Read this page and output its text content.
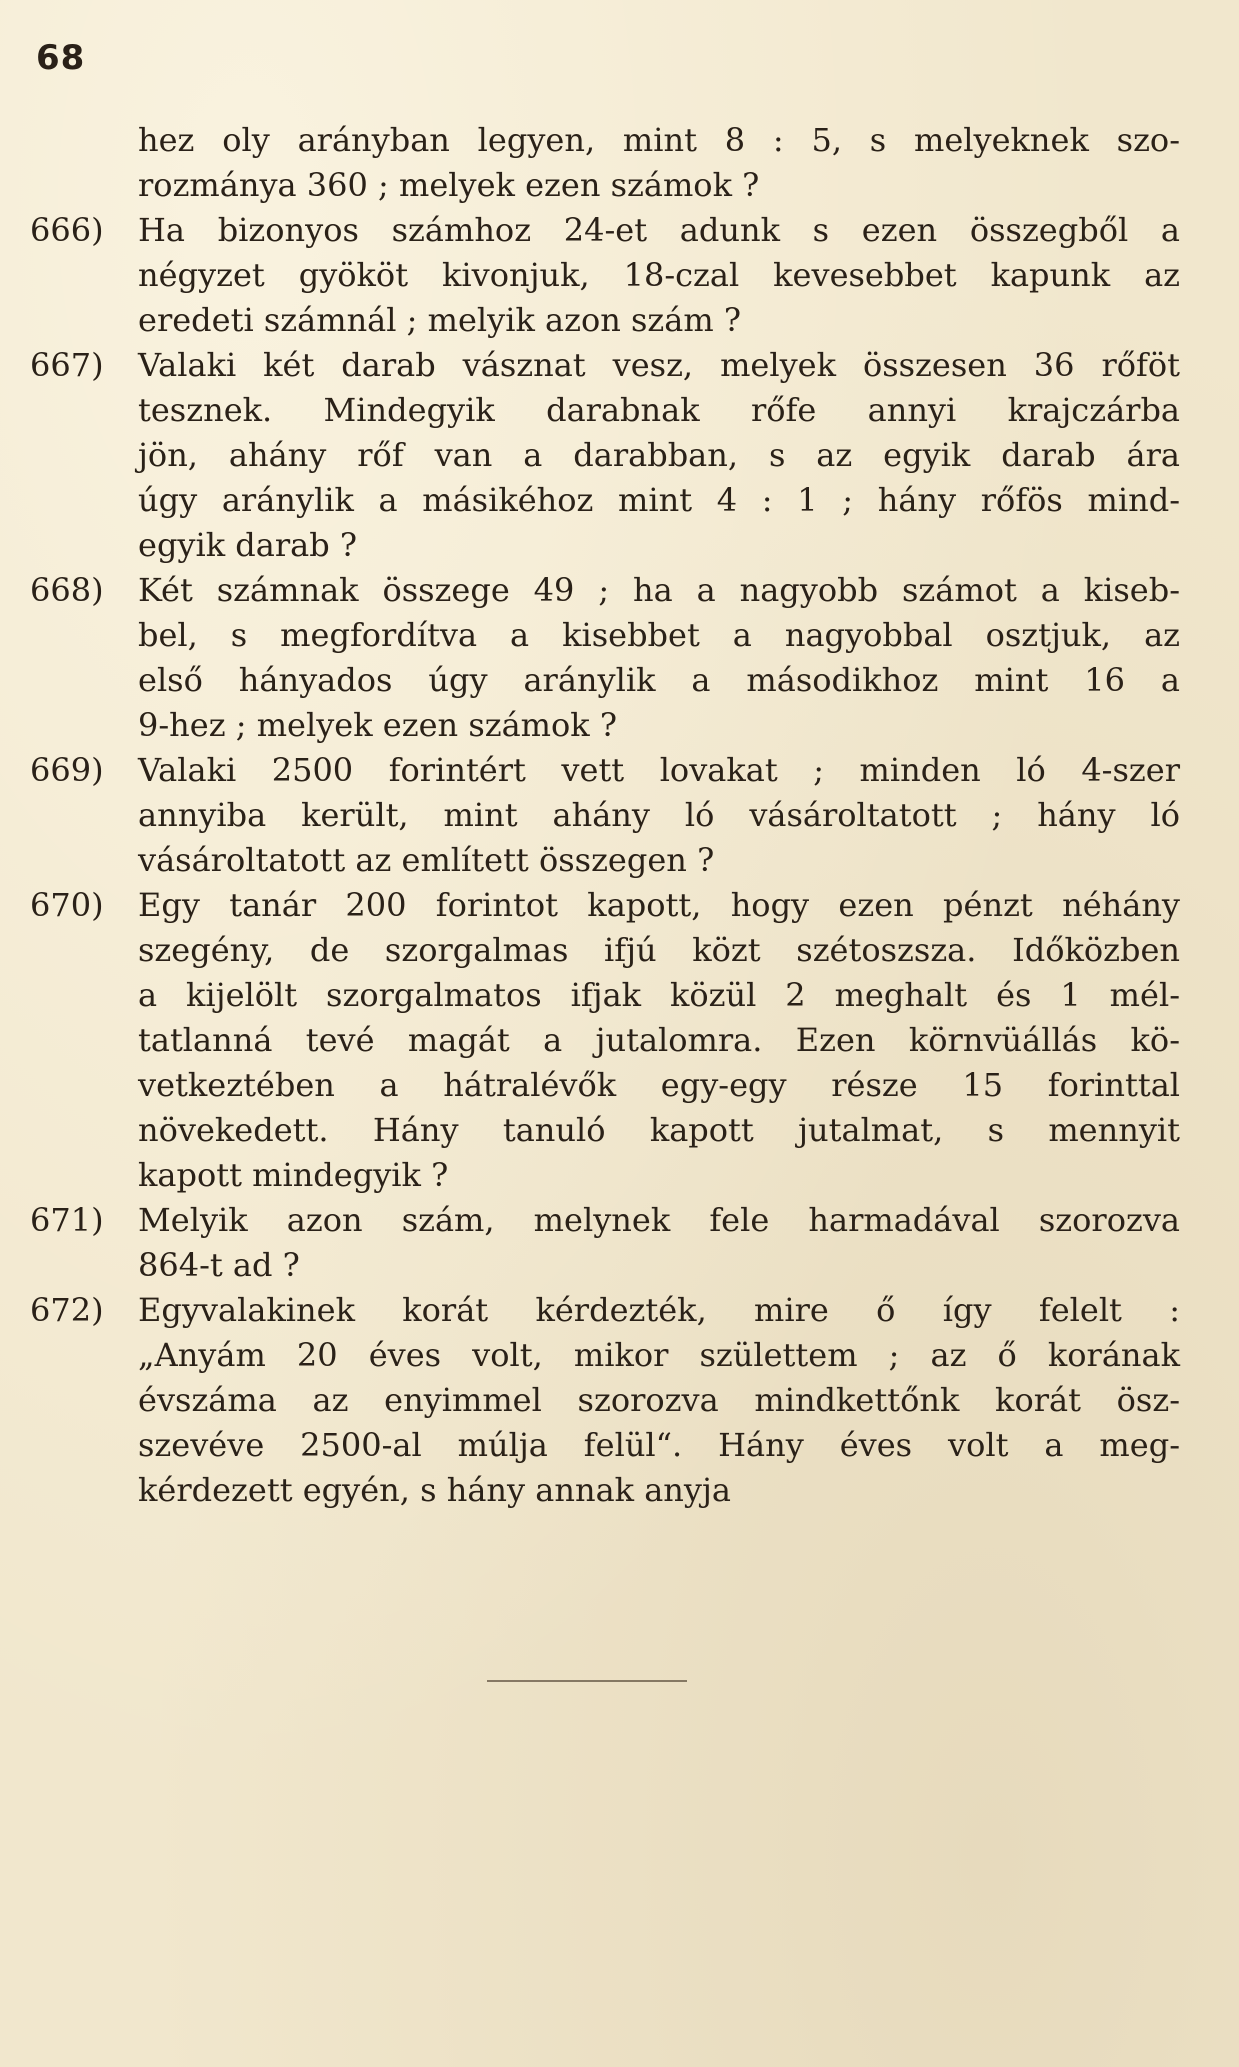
68
hez oly arányban legyen, mint 8 : 5, s melyeknek szo-
rozmánya 360 ; melyek ezen számok ?
666) Ha bizonyos számhoz 24-et adunk s ezen összegből a
négyzet gyököt kivonjuk, 18-czal kevesebbet kapunk az
eredeti számnál ; melyik azon szám ?
667) Valaki két darab vásznat vesz, melyek összesen 36 rőföt
tesznek. Mindegyik darabnak rőfe annyi krajczárba
jön, ahány rőf van a darabban, s az egyik darab ára
úgy aránylik a másikéhoz mint 4 : 1 ; hány rőfös mind-
egyik darab ?
668) Két számnak összege 49 ; ha a nagyobb számot a kiseb-
bel, s megfordítva a kisebbet a nagyobbal osztjuk, az
első hányados úgy aránylik a másodikhoz mint 16 a
9-hez ; melyek ezen számok ?
669) Valaki 2500 forintért vett lovakat ; minden ló 4-szer
annyiba került, mint ahány ló vásároltatott ; hány ló
vásároltatott az említett összegen ?
670) Egy tanár 200 forintot kapott, hogy ezen pénzt néhány
szegény, de szorgalmas ifjú közt szétoszsza. Időközben
a kijelölt szorgalmatos ifjak közül 2 meghalt és 1 mél-
tatlanná tevé magát a jutalomra. Ezen körnvüállás kö-
vetkeztében a hátralévők egy-egy része 15 forinttal
növekedett. Hány tanuló kapott jutalmat, s mennyit
kapott mindegyik ?
671) Melyik azon szám, melynek fele harmadával szorozva
864-t ad ?
672) Egyvalakinek korát kérdezték, mire ő így felelt :
„Anyám 20 éves volt, mikor születtem ; az ő korának
évszáma az enyimmel szorozva mindkettőnk korát ösz-
szevéve 2500-al múlja felül“. Hány éves volt a meg-
kérdezett egyén, s hány annak anyja
